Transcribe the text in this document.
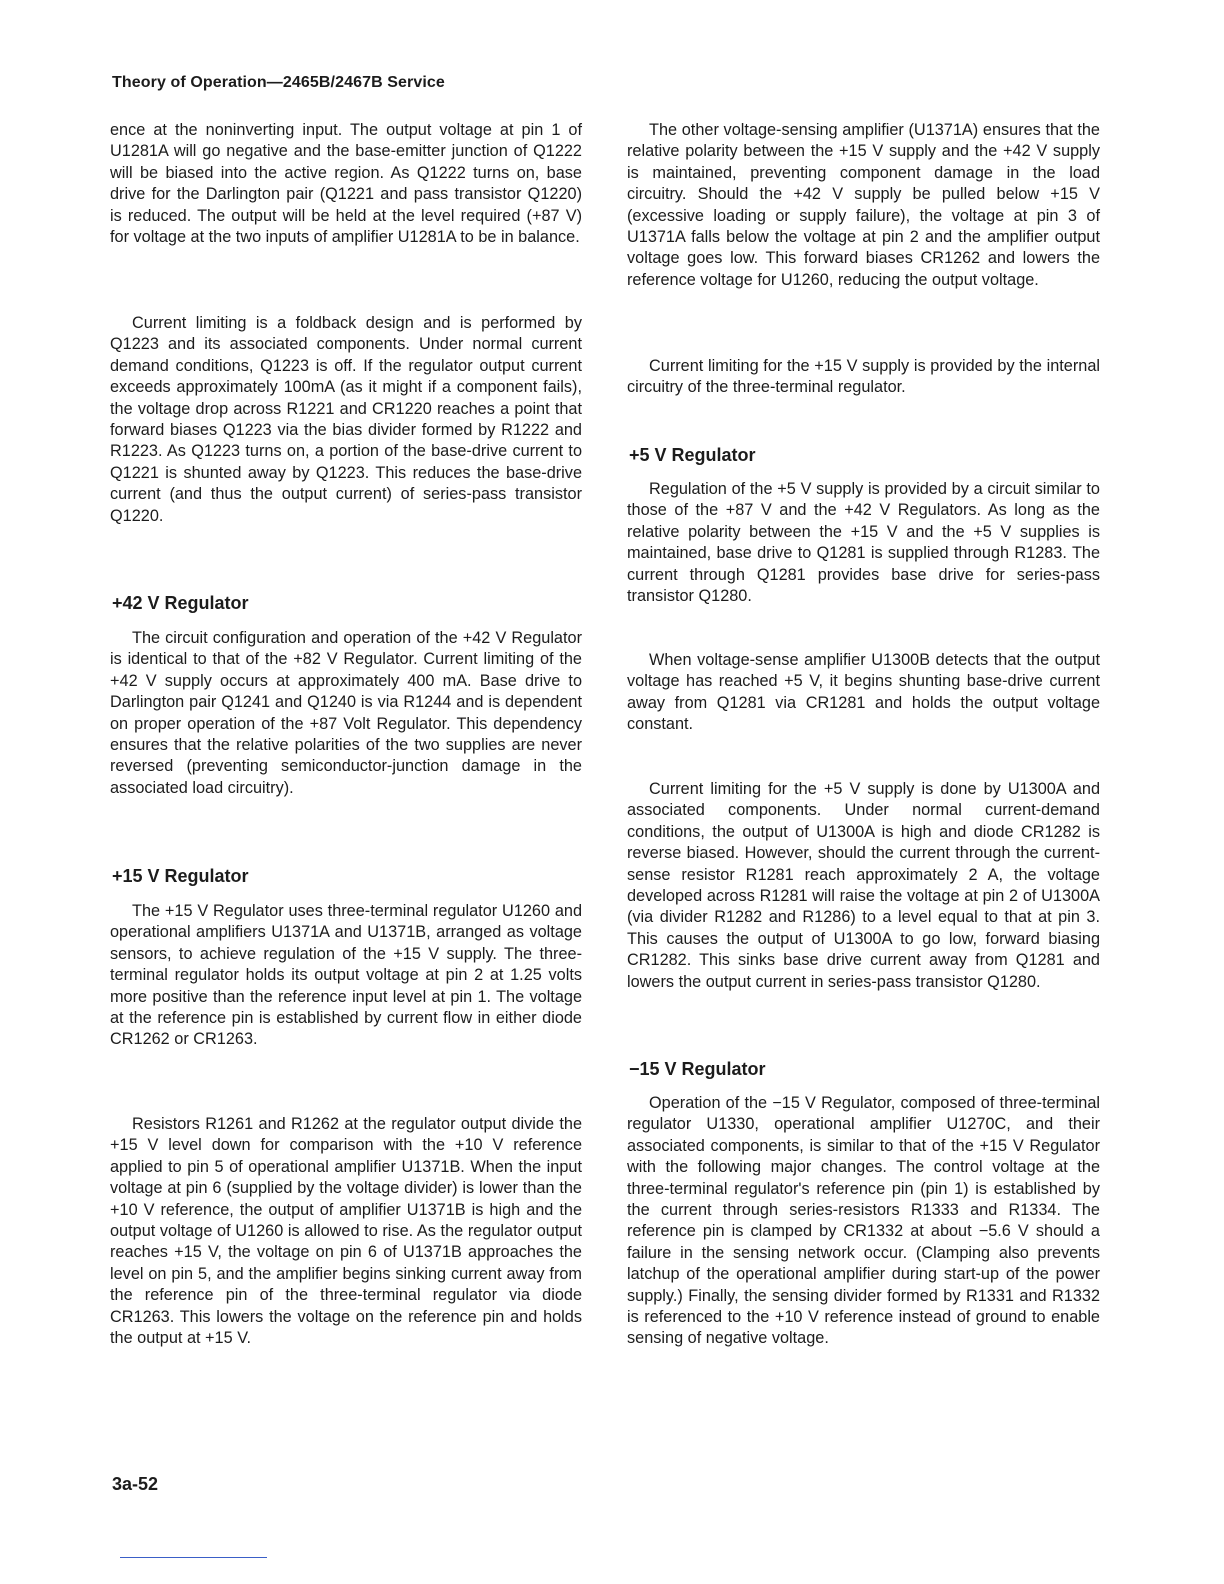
Theory of Operation—2465B/2467B Service

ence at the noninverting input. The output voltage at pin 1 of U1281A will go negative and the base-emitter junction of Q1222 will be biased into the active region. As Q1222 turns on, base drive for the Darlington pair (Q1221 and pass transistor Q1220) is reduced. The output will be held at the level required (+87 V) for voltage at the two inputs of amplifier U1281A to be in balance.

Current limiting is a foldback design and is performed by Q1223 and its associated components. Under normal current demand conditions, Q1223 is off. If the regulator output current exceeds approximately 100mA (as it might if a component fails), the voltage drop across R1221 and CR1220 reaches a point that forward biases Q1223 via the bias divider formed by R1222 and R1223. As Q1223 turns on, a portion of the base-drive current to Q1221 is shunted away by Q1223. This reduces the base-drive current (and thus the output current) of series-pass transistor Q1220.

+42 V Regulator

The circuit configuration and operation of the +42 V Regulator is identical to that of the +82 V Regulator. Current limiting of the +42 V supply occurs at approximately 400 mA. Base drive to Darlington pair Q1241 and Q1240 is via R1244 and is dependent on proper operation of the +87 Volt Regulator. This dependency ensures that the relative polarities of the two supplies are never reversed (preventing semiconductor-junction damage in the associated load circuitry).

+15 V Regulator

The +15 V Regulator uses three-terminal regulator U1260 and operational amplifiers U1371A and U1371B, arranged as voltage sensors, to achieve regulation of the +15 V supply. The three-terminal regulator holds its output voltage at pin 2 at 1.25 volts more positive than the reference input level at pin 1. The voltage at the reference pin is established by current flow in either diode CR1262 or CR1263.

Resistors R1261 and R1262 at the regulator output divide the +15 V level down for comparison with the +10 V reference applied to pin 5 of operational amplifier U1371B. When the input voltage at pin 6 (supplied by the voltage divider) is lower than the +10 V reference, the output of amplifier U1371B is high and the output voltage of U1260 is allowed to rise. As the regulator output reaches +15 V, the voltage on pin 6 of U1371B approaches the level on pin 5, and the amplifier begins sinking current away from the reference pin of the three-terminal regulator via diode CR1263. This lowers the voltage on the reference pin and holds the output at +15 V.

The other voltage-sensing amplifier (U1371A) ensures that the relative polarity between the +15 V supply and the +42 V supply is maintained, preventing component damage in the load circuitry. Should the +42 V supply be pulled below +15 V (excessive loading or supply failure), the voltage at pin 3 of U1371A falls below the voltage at pin 2 and the amplifier output voltage goes low. This forward biases CR1262 and lowers the reference voltage for U1260, reducing the output voltage.

Current limiting for the +15 V supply is provided by the internal circuitry of the three-terminal regulator.

+5 V Regulator

Regulation of the +5 V supply is provided by a circuit similar to those of the +87 V and the +42 V Regulators. As long as the relative polarity between the +15 V and the +5 V supplies is maintained, base drive to Q1281 is supplied through R1283. The current through Q1281 provides base drive for series-pass transistor Q1280.

When voltage-sense amplifier U1300B detects that the output voltage has reached +5 V, it begins shunting base-drive current away from Q1281 via CR1281 and holds the output voltage constant.

Current limiting for the +5 V supply is done by U1300A and associated components. Under normal current-demand conditions, the output of U1300A is high and diode CR1282 is reverse biased. However, should the current through the current-sense resistor R1281 reach approximately 2 A, the voltage developed across R1281 will raise the voltage at pin 2 of U1300A (via divider R1282 and R1286) to a level equal to that at pin 3. This causes the output of U1300A to go low, forward biasing CR1282. This sinks base drive current away from Q1281 and lowers the output current in series-pass transistor Q1280.

−15 V Regulator

Operation of the −15 V Regulator, composed of three-terminal regulator U1330, operational amplifier U1270C, and their associated components, is similar to that of the +15 V Regulator with the following major changes. The control voltage at the three-terminal regulator's reference pin (pin 1) is established by the current through series-resistors R1333 and R1334. The reference pin is clamped by CR1332 at about −5.6 V should a failure in the sensing network occur. (Clamping also prevents latchup of the operational amplifier during start-up of the power supply.) Finally, the sensing divider formed by R1331 and R1332 is referenced to the +10 V reference instead of ground to enable sensing of negative voltage.

3a-52
